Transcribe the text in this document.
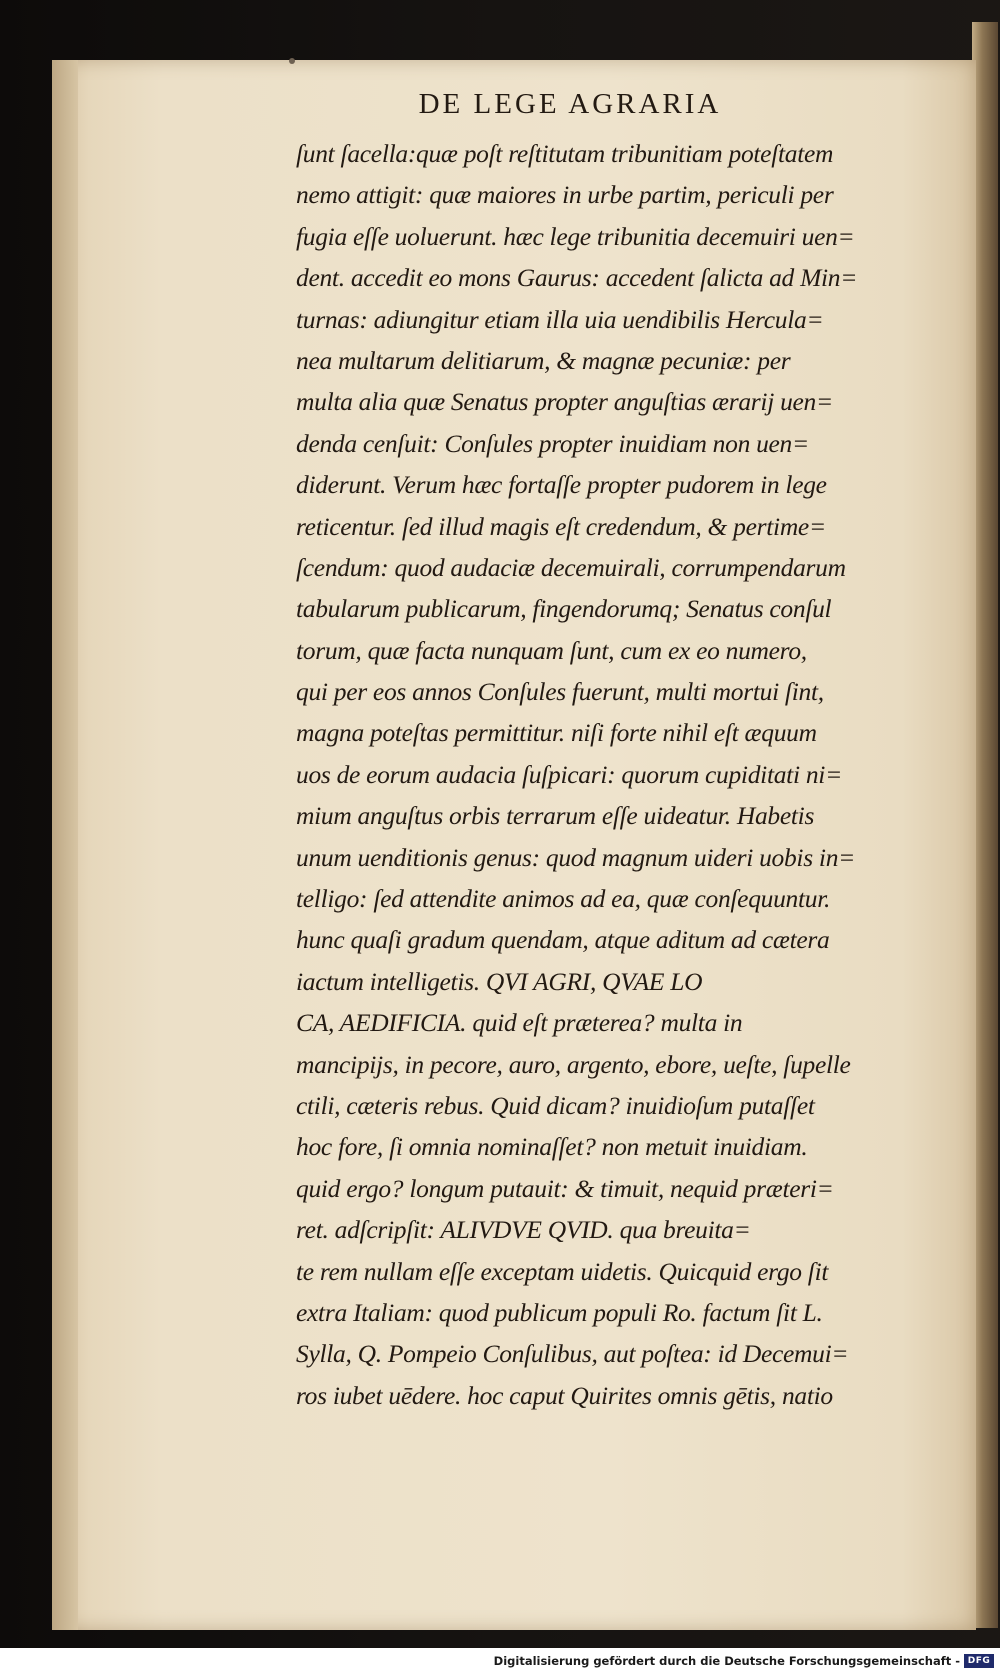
DE LEGE AGRARIA
ſunt ſacella:quæ poſt reſtitutam tribunitiam poteſtatem
nemo attigit: quæ maiores in urbe partim, periculi per
fugia eſſe uoluerunt. hæc lege tribunitia decemuiri uen=
dent. accedit eo mons Gaurus: accedent ſalicta ad Min=
turnas: adiungitur etiam illa uia uendibilis Hercula=
nea multarum delitiarum, & magnæ pecuniæ: per
multa alia quæ Senatus propter anguſtias ærarij uen=
denda cenſuit: Conſules propter inuidiam non uen=
diderunt. Verum hæc fortaſſe propter pudorem in lege
reticentur. ſed illud magis eſt credendum, & pertime=
ſcendum: quod audaciæ decemuirali, corrumpendarum
tabularum publicarum, fingendorumq; Senatus conſul
torum, quæ facta nunquam ſunt, cum ex eo numero,
qui per eos annos Conſules fuerunt, multi mortui ſint,
magna poteſtas permittitur. niſi forte nihil eſt æquum
uos de eorum audacia ſuſpicari: quorum cupiditati ni=
mium anguſtus orbis terrarum eſſe uideatur. Habetis
unum uenditionis genus: quod magnum uideri uobis in=
telligo: ſed attendite animos ad ea, quæ conſequuntur.
hunc quaſi gradum quendam, atque aditum ad cætera
iactum intelligetis. QVI AGRI, QVAE LO
CA, AEDIFICIA. quid eſt præterea? multa in
mancipijs, in pecore, auro, argento, ebore, ueſte, ſupelle
ctili, cæteris rebus. Quid dicam? inuidioſum putaſſet
hoc fore, ſi omnia nominaſſet? non metuit inuidiam.
quid ergo? longum putauit: & timuit, nequid præteri=
ret. adſcripſit: ALIVDVE QVID. qua breuita=
te rem nullam eſſe exceptam uidetis. Quicquid ergo ſit
extra Italiam: quod publicum populi Ro. factum ſit L.
Sylla, Q. Pompeio Conſulibus, aut poſtea: id Decemui=
ros iubet uēdere. hoc caput Quirites omnis gētis, natio
Digitalisierung gefördert durch die Deutsche Forschungsgemeinschaft - DFG
